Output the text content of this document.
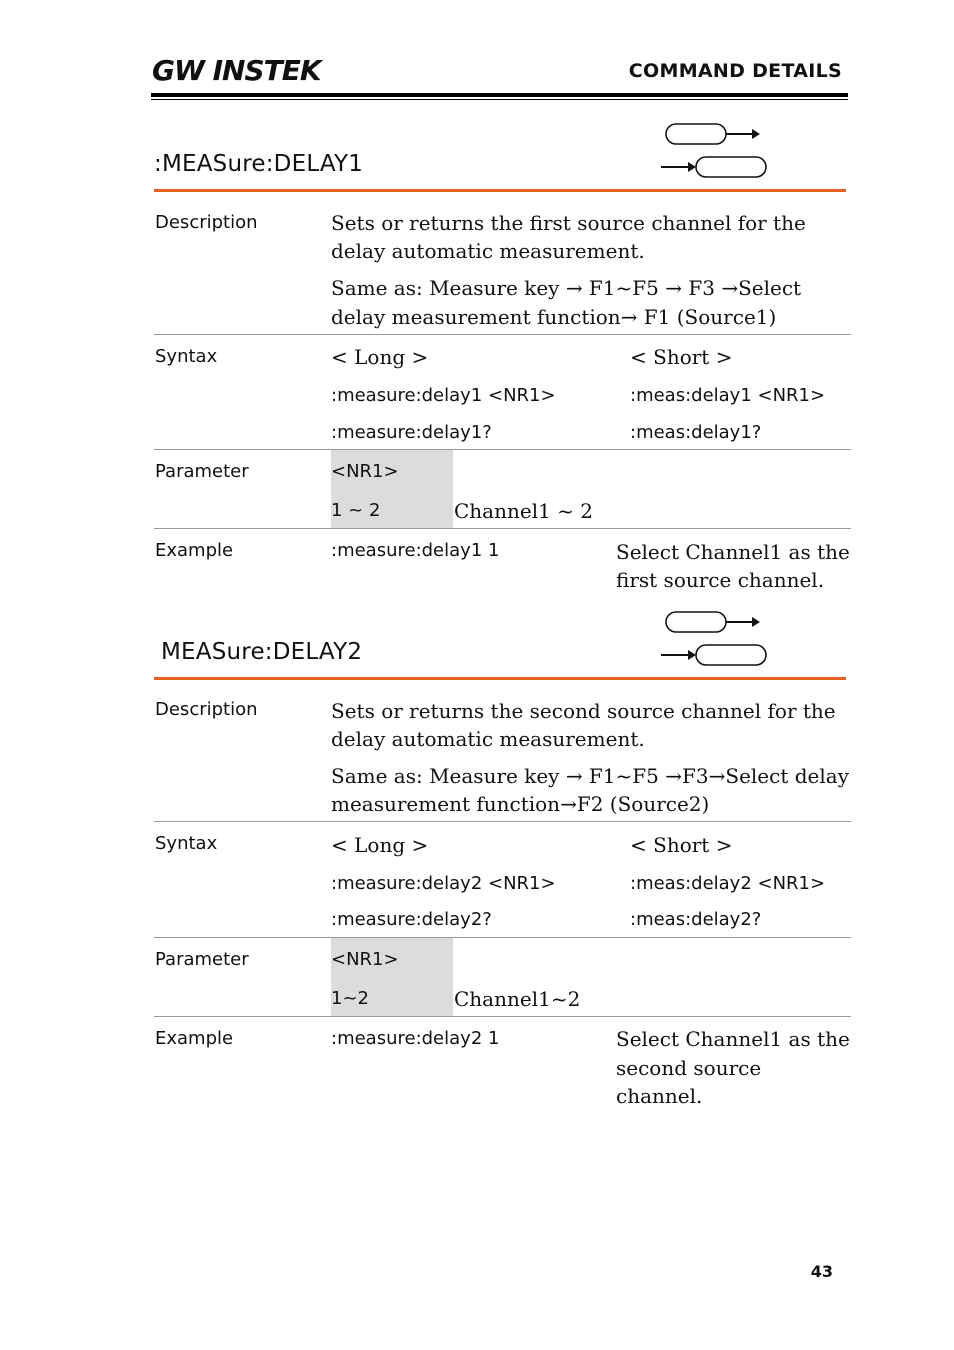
GW INSTEK	COMMAND DETAILS
:MEASure:DELAY1
Description	Sets or returns the first source channel for the
delay automatic measurement.
Same as: Measure key → F1~F5 → F3 →Select
delay measurement function→ F1 (Source1)
Syntax	< Long >	< Short >
:measure:delay1 <NR1>	:meas:delay1 <NR1>
:measure:delay1?	:meas:delay1?
Parameter	<NR1>
1 ~ 2	Channel1 ~ 2
Example	:measure:delay1 1	Select Channel1 as the
first source channel.
MEASure:DELAY2
Description	Sets or returns the second source channel for the
delay automatic measurement.
Same as: Measure key → F1~F5 →F3→Select delay
measurement function→F2 (Source2)
Syntax	< Long >	< Short >
:measure:delay2 <NR1>	:meas:delay2 <NR1>
:measure:delay2?	:meas:delay2?
Parameter	<NR1>
1~2	Channel1~2
Example	:measure:delay2 1	Select Channel1 as the
second source
channel.
43
